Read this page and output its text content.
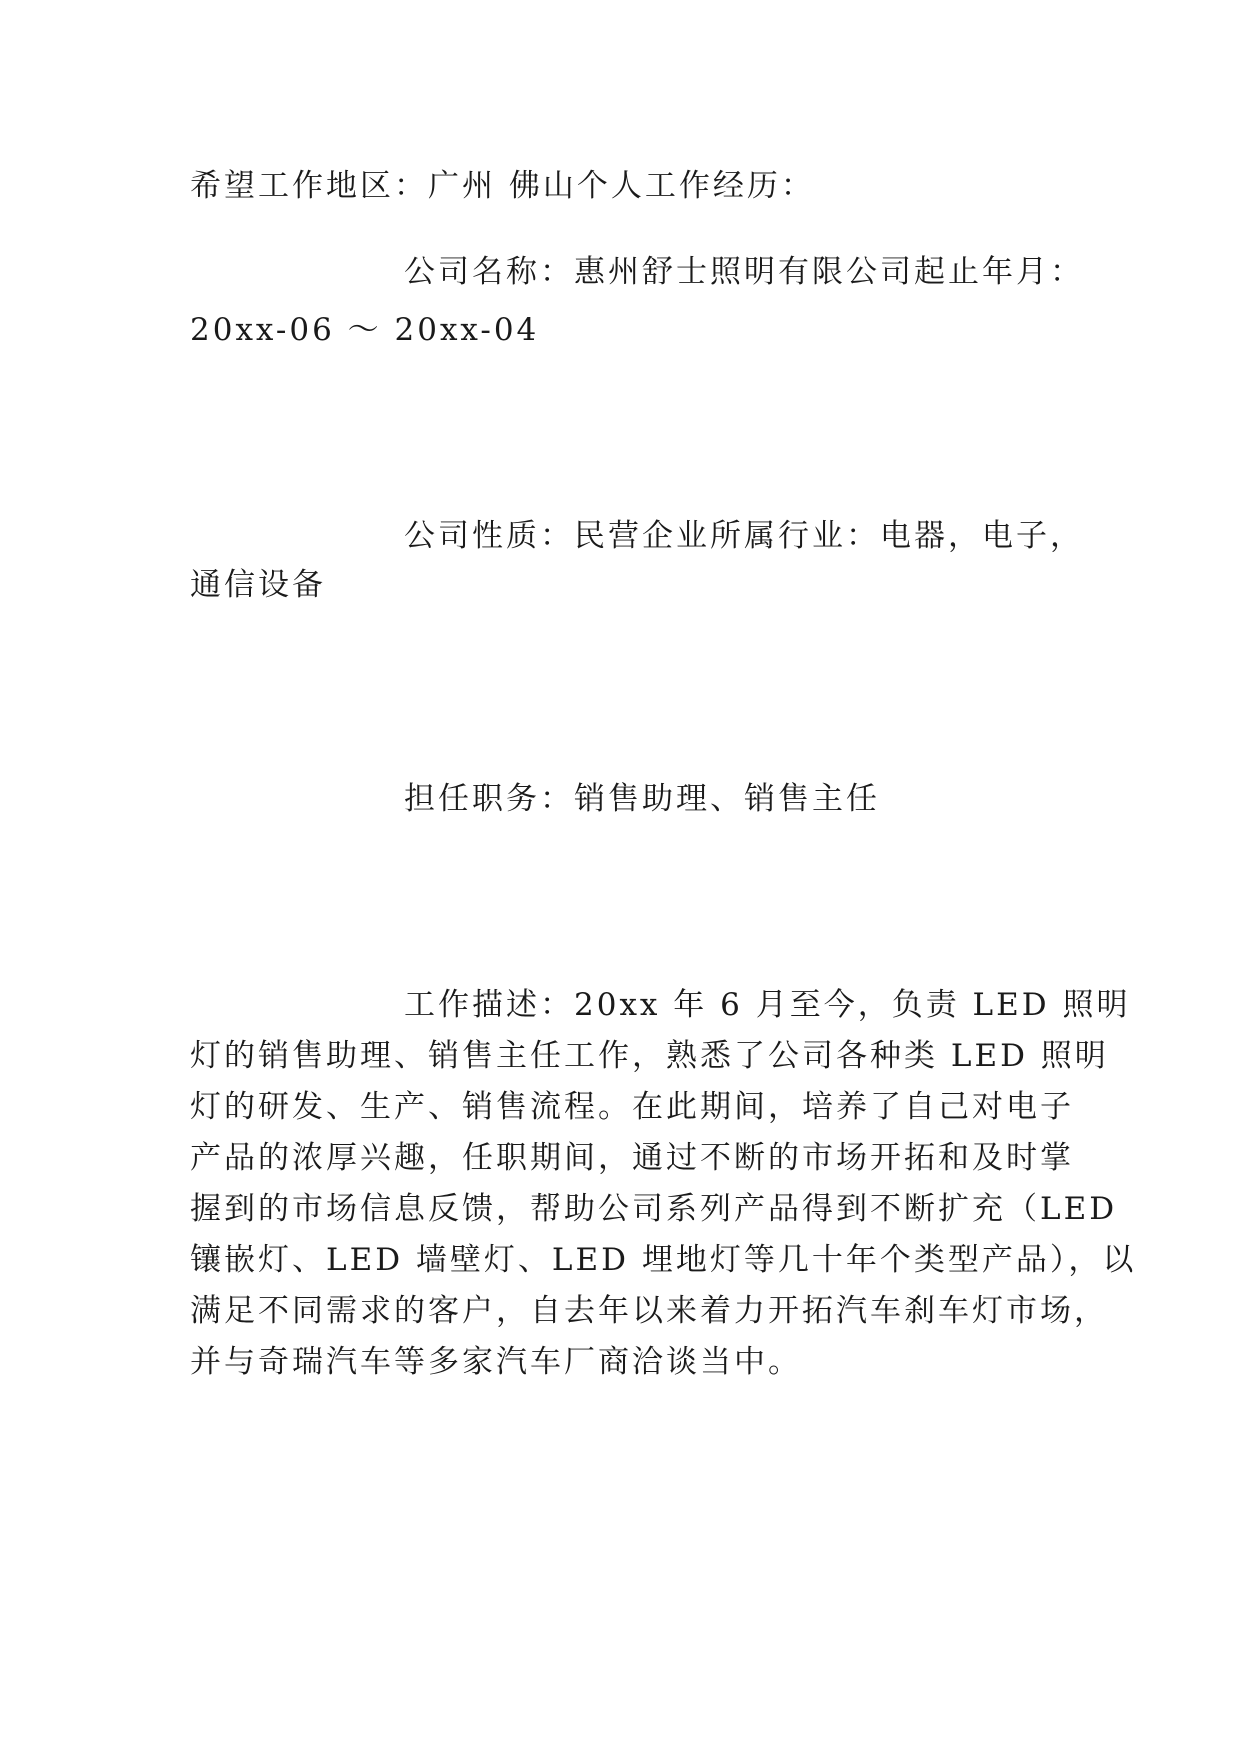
希望工作地区：广州 佛山个人工作经历：
公司名称：惠州舒士照明有限公司起止年月：
20xx-06 ～ 20xx-04
公司性质：民营企业所属行业：电器，电子，
通信设备
担任职务：销售助理、销售主任
工作描述：20xx 年 6 月至今，负责 LED 照明
灯的销售助理、销售主任工作，熟悉了公司各种类 LED 照明
灯的研发、生产、销售流程。在此期间，培养了自己对电子
产品的浓厚兴趣，任职期间，通过不断的市场开拓和及时掌
握到的市场信息反馈，帮助公司系列产品得到不断扩充（LED
镶嵌灯、LED 墙壁灯、LED 埋地灯等几十年个类型产品），以
满足不同需求的客户，自去年以来着力开拓汽车刹车灯市场，
并与奇瑞汽车等多家汽车厂商洽谈当中。
